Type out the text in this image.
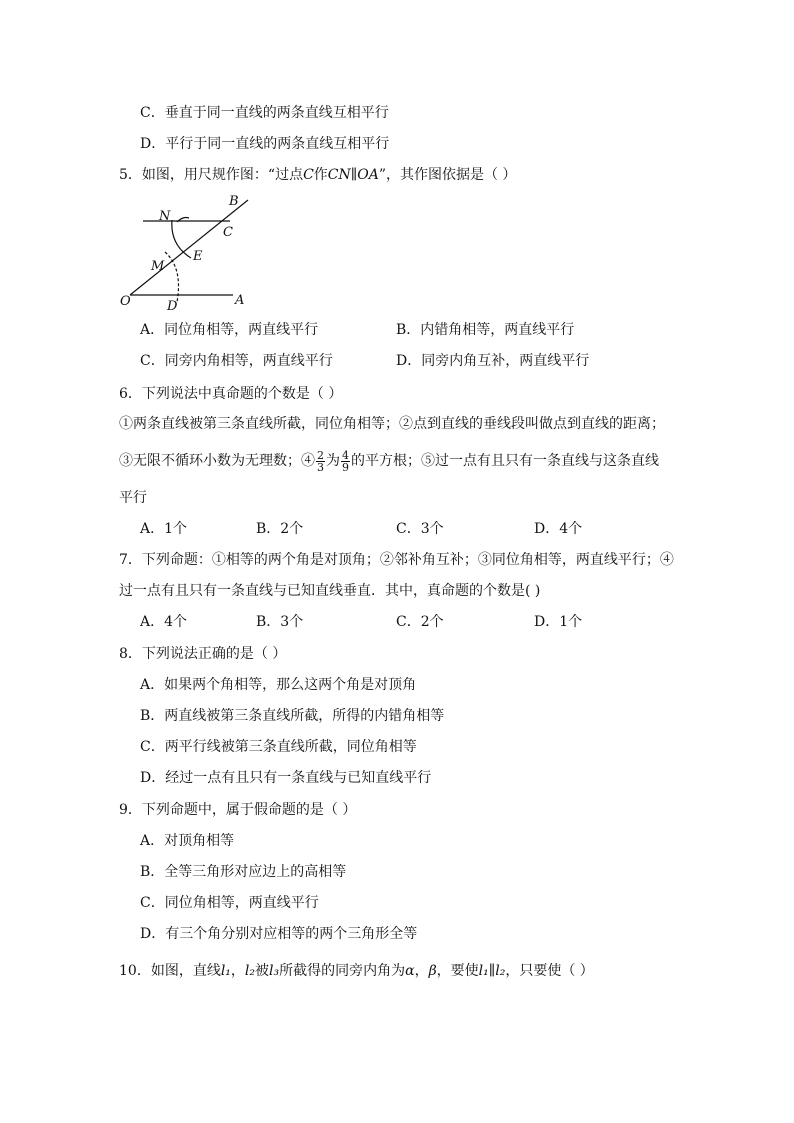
C．垂直于同一直线的两条直线互相平行
D．平行于同一直线的两条直线互相平行
5．如图，用尺规作图：“过点C作CN∥OA”，其作图依据是（ ）
B
N
C
E
M
O	D	A
A．同位角相等，两直线平行	B．内错角相等，两直线平行
C．同旁内角相等，两直线平行	D．同旁内角互补，两直线平行
6．下列说法中真命题的个数是（ ）
①两条直线被第三条直线所截，同位角相等；②点到直线的垂线段叫做点到直线的距离；
③无限不循环小数为无理数；④ $\frac{2}{3}$ 为 $\frac{4}{9}$ 的平方根；⑤过一点有且只有一条直线与这条直线
平行
A．1个	B．2个	C．3个	D．4个
7．下列命题：①相等的两个角是对顶角；②邻补角互补；③同位角相等，两直线平行；④
过一点有且只有一条直线与已知直线垂直．其中，真命题的个数是( )
A．4个	B．3个	C．2个	D．1个
8．下列说法正确的是（ ）
A．如果两个角相等，那么这两个角是对顶角
B．两直线被第三条直线所截，所得的内错角相等
C．两平行线被第三条直线所截，同位角相等
D．经过一点有且只有一条直线与已知直线平行
9．下列命题中，属于假命题的是（ ）
A．对顶角相等
B．全等三角形对应边上的高相等
C．同位角相等，两直线平行
D．有三个角分别对应相等的两个三角形全等
10．如图，直线l₁，l₂被l₃所截得的同旁内角为α，β，要使l₁∥l₂，只要使（ ）
